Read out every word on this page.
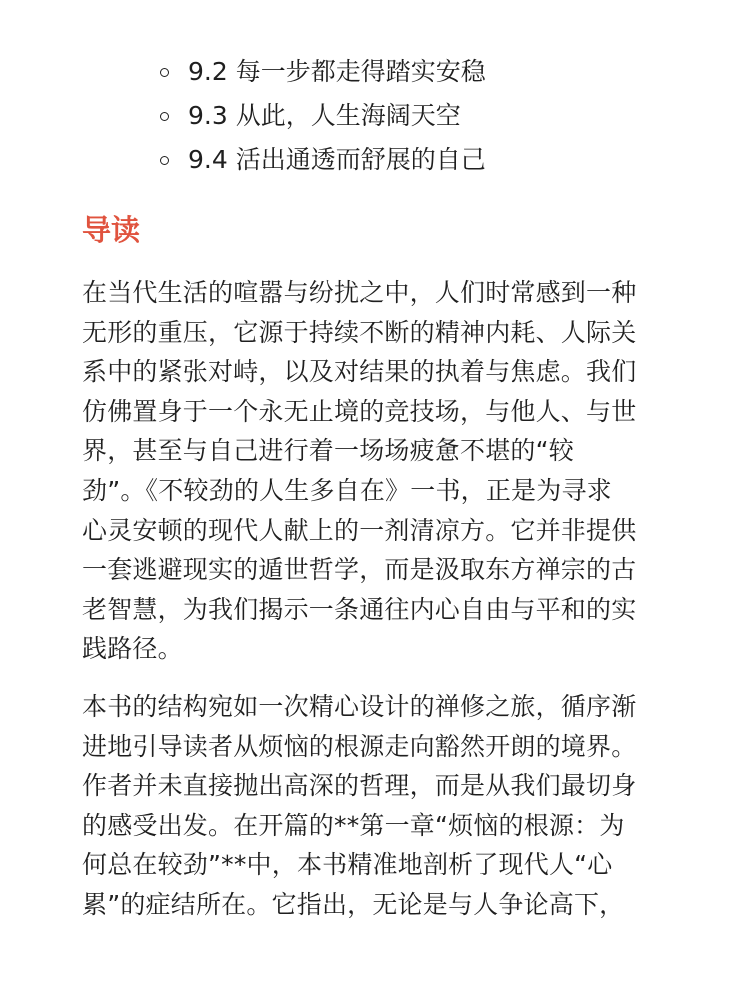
9.2 每一步都走得踏实安稳
9.3 从此，人生海阔天空
9.4 活出通透而舒展的自己
导读

在当代生活的喧嚣与纷扰之中，人们时常感到一种
无形的重压，它源于持续不断的精神内耗、人际关
系中的紧张对峙，以及对结果的执着与焦虑。我们
仿佛置身于一个永无止境的竞技场，与他人、与世
界，甚至与自己进行着一场场疲惫不堪的“较
劲”。《不较劲的人生多自在》一书，正是为寻求
心灵安顿的现代人献上的一剂清凉方。它并非提供
一套逃避现实的遁世哲学，而是汲取东方禅宗的古
老智慧，为我们揭示一条通往内心自由与平和的实
践路径。

本书的结构宛如一次精心设计的禅修之旅，循序渐
进地引导读者从烦恼的根源走向豁然开朗的境界。
作者并未直接抛出高深的哲理，而是从我们最切身
的感受出发。在开篇的**第一章“烦恼的根源：为
何总在较劲”**中，本书精准地剖析了现代人“心
累”的症结所在。它指出，无论是与人争论高下，
